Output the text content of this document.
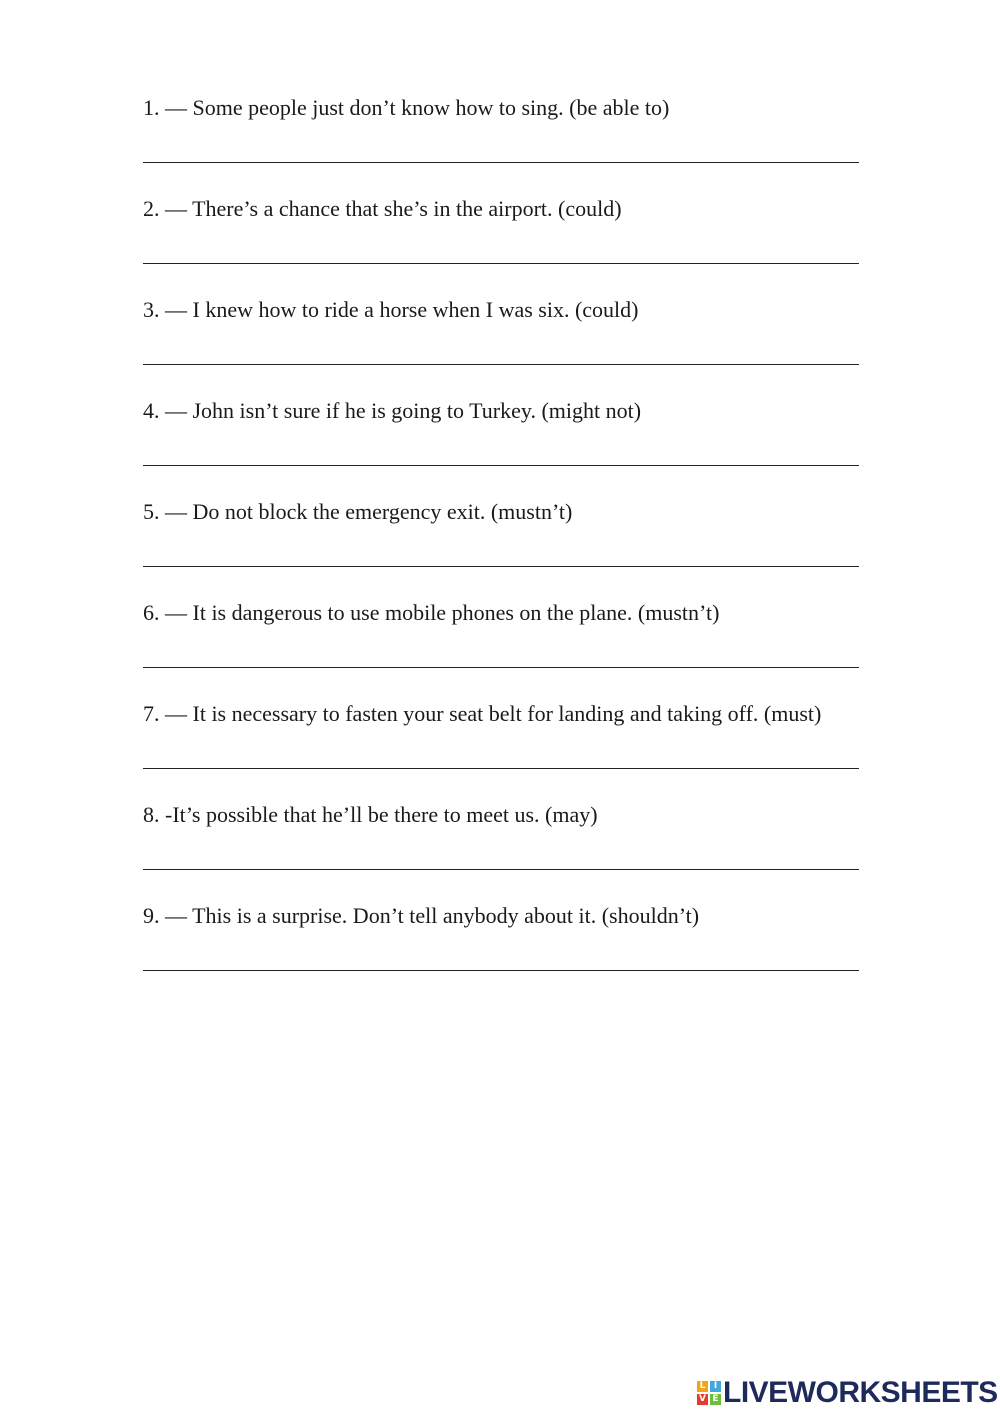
1. — Some people just don’t know how to sing. (be able to)
2. — There’s a chance that she’s in the airport. (could)
3. — I knew how to ride a horse when I was six. (could)
4. — John isn’t sure if he is going to Turkey. (might not)
5. — Do not block the emergency exit. (mustn’t)
6. — It is dangerous to use mobile phones on the plane. (mustn’t)
7. — It is necessary to fasten your seat belt for landing and taking off. (must)
8. -It’s possible that he’ll be there to meet us. (may)
9. — This is a surprise. Don’t tell anybody about it. (shouldn’t)
L I
V E LIVEWORKSHEETS
